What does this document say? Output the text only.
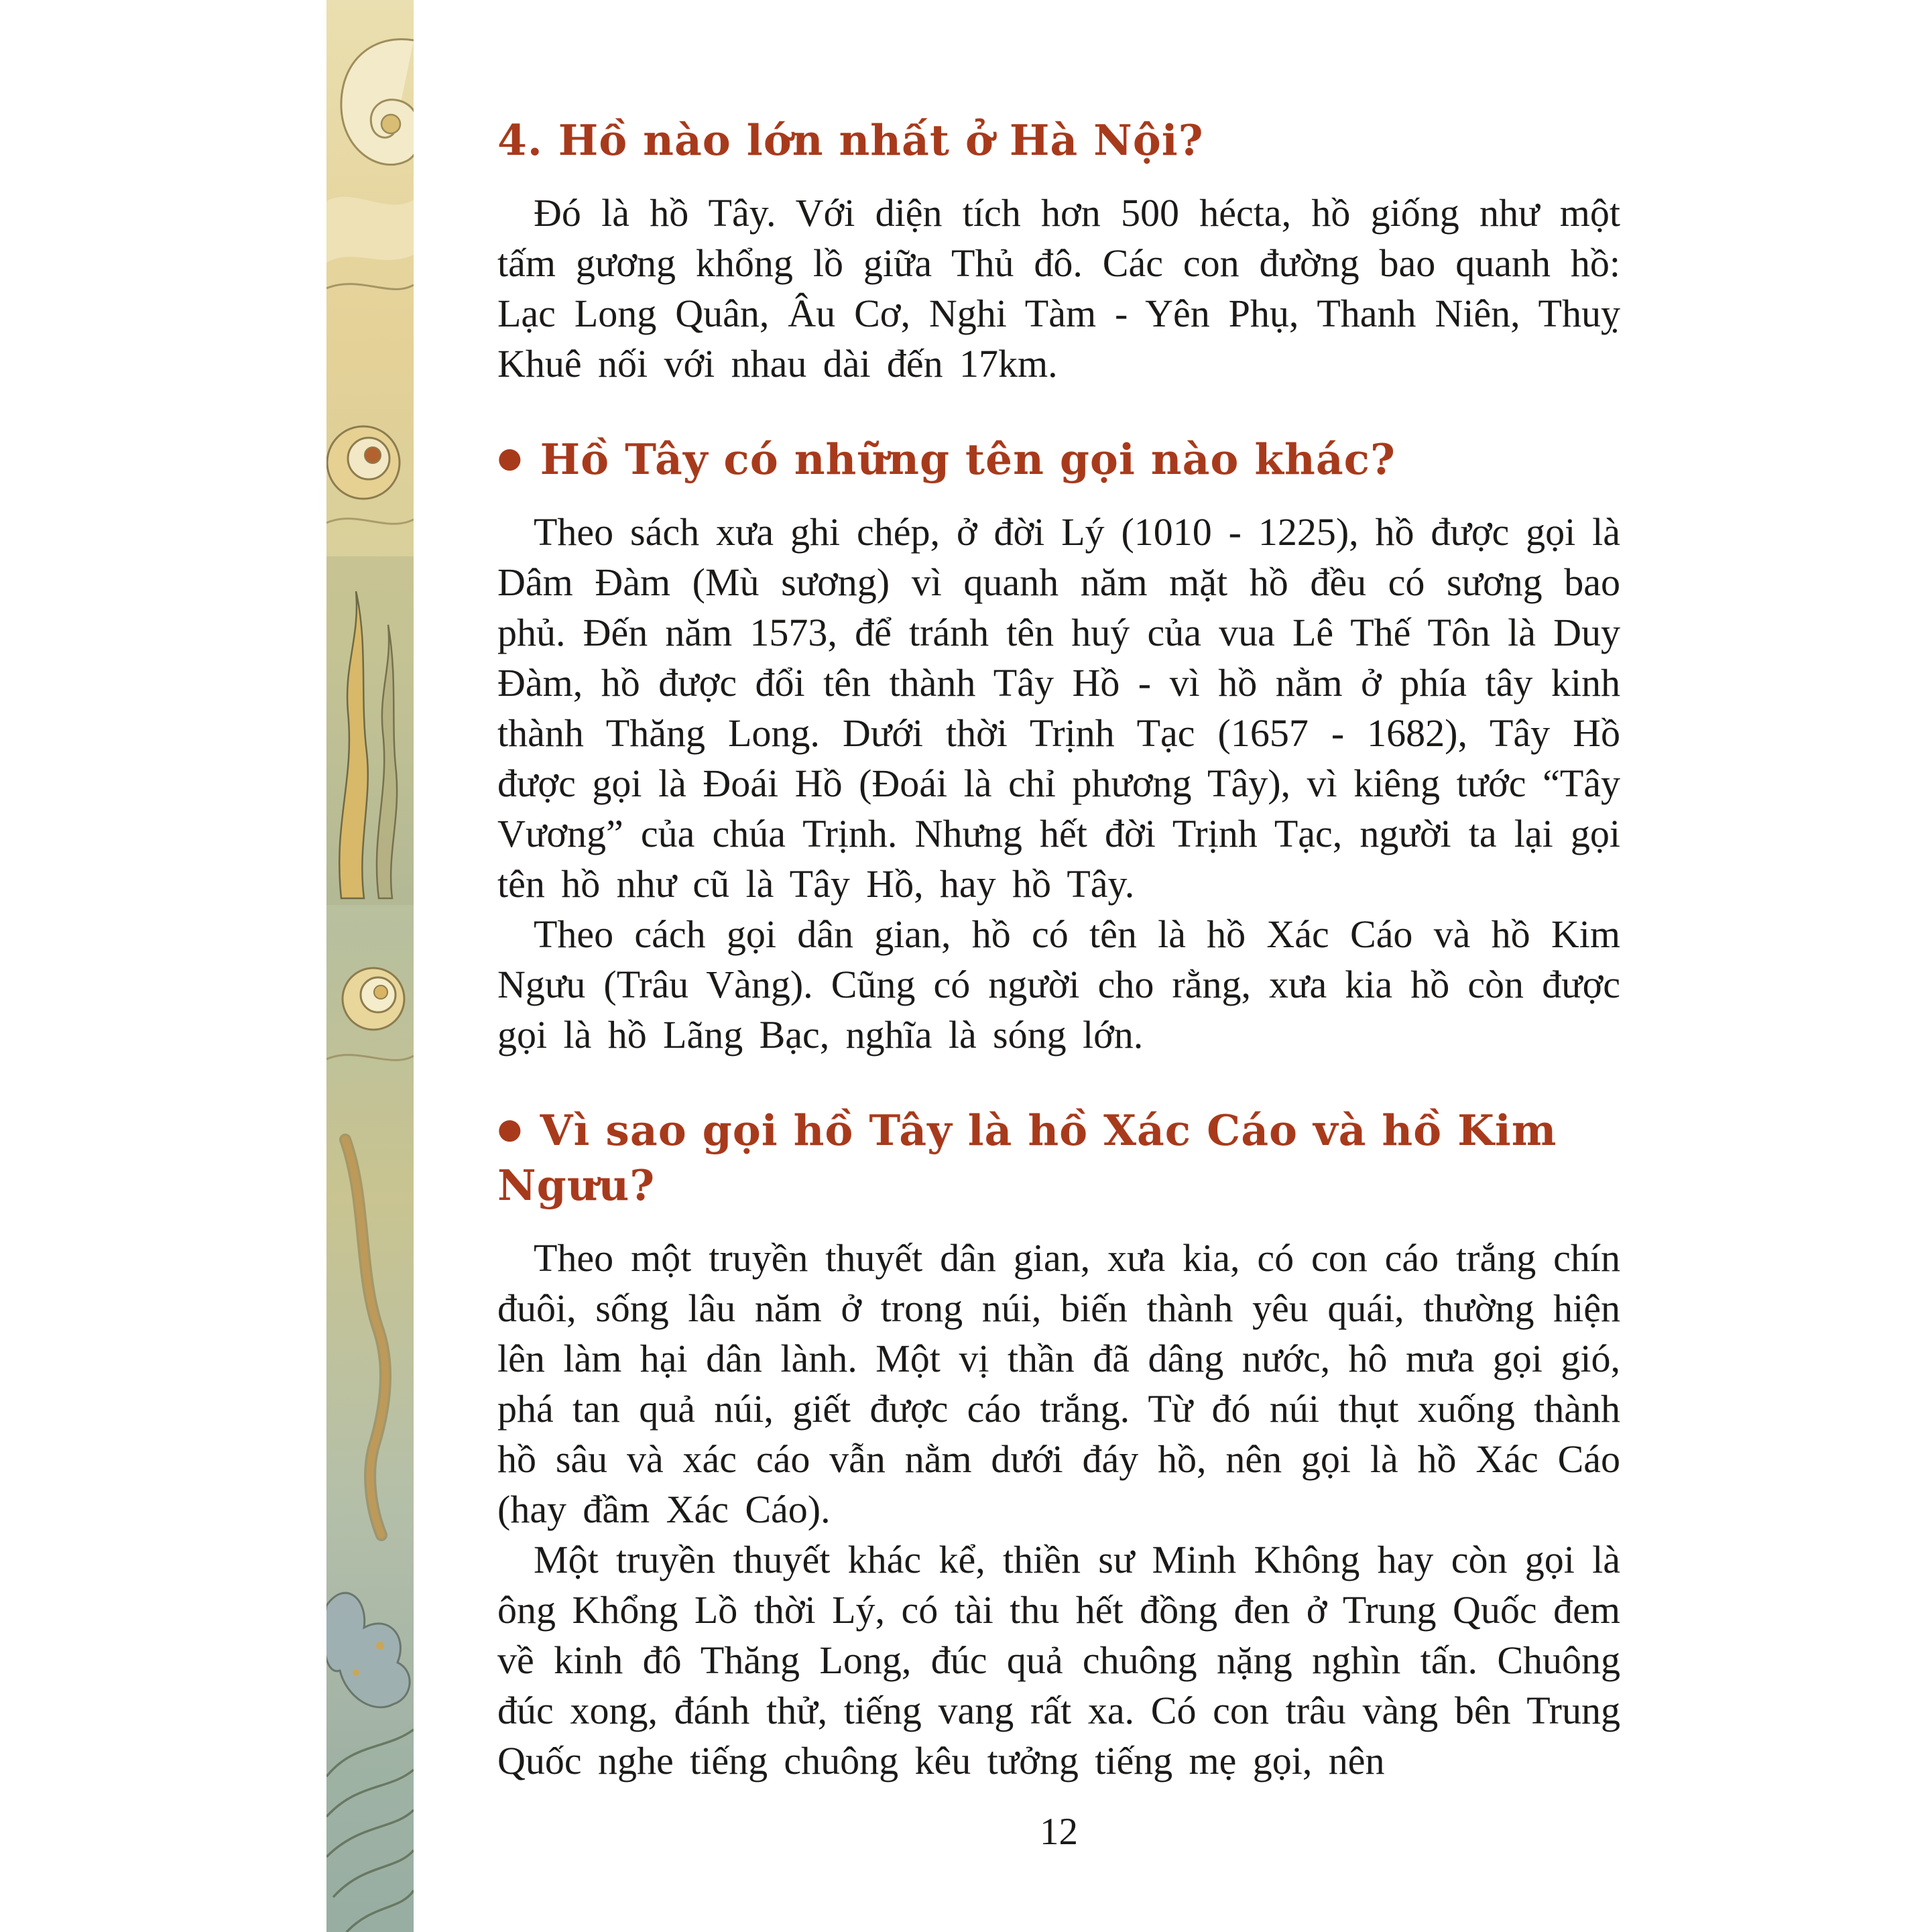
4. Hồ nào lớn nhất ở Hà Nội?

Đó là hồ Tây. Với diện tích hơn 500 hécta, hồ giống như một tấm gương khổng lồ giữa Thủ đô. Các con đường bao quanh hồ: Lạc Long Quân, Âu Cơ, Nghi Tàm - Yên Phụ, Thanh Niên, Thuỵ Khuê nối với nhau dài đến 17km.

● Hồ Tây có những tên gọi nào khác?

Theo sách xưa ghi chép, ở đời Lý (1010 - 1225), hồ được gọi là Dâm Đàm (Mù sương) vì quanh năm mặt hồ đều có sương bao phủ. Đến năm 1573, để tránh tên huý của vua Lê Thế Tôn là Duy Đàm, hồ được đổi tên thành Tây Hồ - vì hồ nằm ở phía tây kinh thành Thăng Long. Dưới thời Trịnh Tạc (1657 - 1682), Tây Hồ được gọi là Đoái Hồ (Đoái là chỉ phương Tây), vì kiêng tước “Tây Vương” của chúa Trịnh. Nhưng hết đời Trịnh Tạc, người ta lại gọi tên hồ như cũ là Tây Hồ, hay hồ Tây.

Theo cách gọi dân gian, hồ có tên là hồ Xác Cáo và hồ Kim Ngưu (Trâu Vàng). Cũng có người cho rằng, xưa kia hồ còn được gọi là hồ Lãng Bạc, nghĩa là sóng lớn.

● Vì sao gọi hồ Tây là hồ Xác Cáo và hồ Kim Ngưu?

Theo một truyền thuyết dân gian, xưa kia, có con cáo trắng chín đuôi, sống lâu năm ở trong núi, biến thành yêu quái, thường hiện lên làm hại dân lành. Một vị thần đã dâng nước, hô mưa gọi gió, phá tan quả núi, giết được cáo trắng. Từ đó núi thụt xuống thành hồ sâu và xác cáo vẫn nằm dưới đáy hồ, nên gọi là hồ Xác Cáo (hay đầm Xác Cáo).

Một truyền thuyết khác kể, thiền sư Minh Không hay còn gọi là ông Khổng Lồ thời Lý, có tài thu hết đồng đen ở Trung Quốc đem về kinh đô Thăng Long, đúc quả chuông nặng nghìn tấn. Chuông đúc xong, đánh thử, tiếng vang rất xa. Có con trâu vàng bên Trung Quốc nghe tiếng chuông kêu tưởng tiếng mẹ gọi, nên

12
